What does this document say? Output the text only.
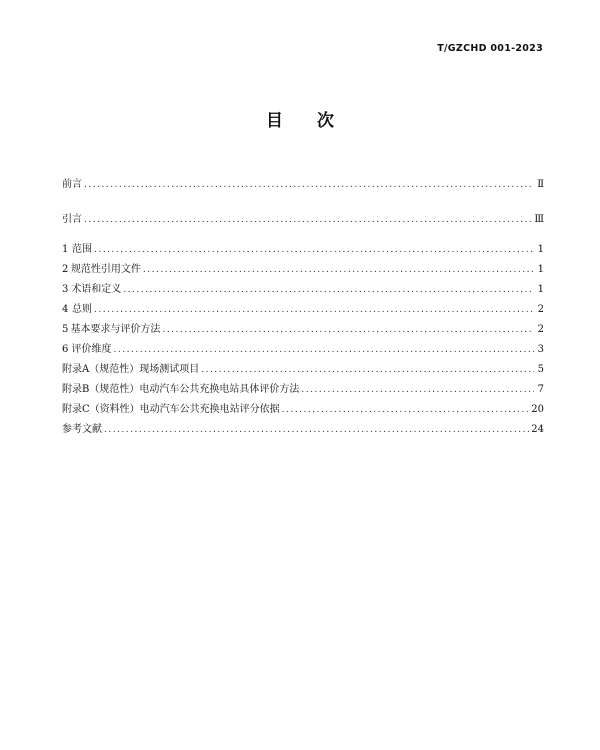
T/GZCHD 001-2023
目 次
前言 .....	Ⅱ
引言 .....	Ⅲ
1 范围 .....	1
2 规范性引用文件 .....	1
3 术语和定义 .....	1
4 总则 .....	2
5 基本要求与评价方法 .....	2
6 评价维度 .....	3
附录A（规范性）现场测试项目 .....	5
附录B（规范性）电动汽车公共充换电站具体评价方法 .....	7
附录C（资料性）电动汽车公共充换电站评分依据 .....	20
参考文献 .....	24
